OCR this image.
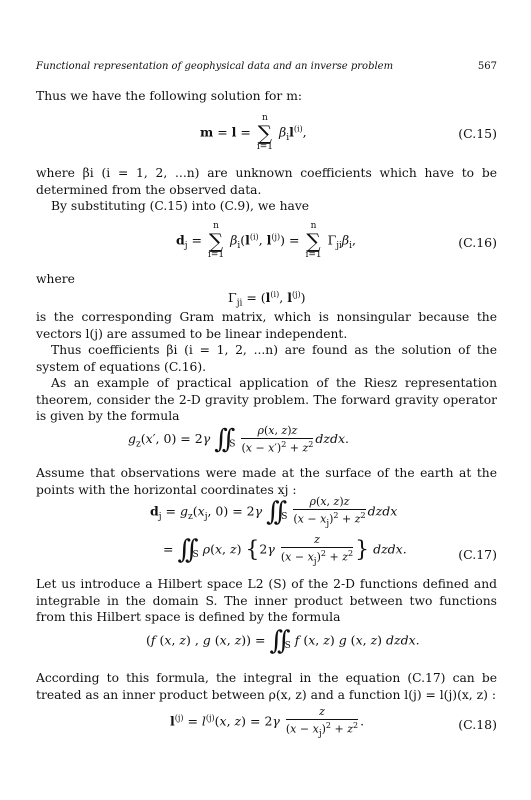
Functional representation of geophysical data and an inverse problem	567
Thus we have the following solution for m:
m = l = n
∑
i=1 $\beta_il^{(i)}$,	(C.15)
where βi (i = 1, 2, ...n) are unknown coefficients which have to be determined from the observed data.
By substituting (C.15) into (C.9), we have
$d_j = n$
∑
i=1 $\beta_i(l^{(i)}$, $l^{(j)}) = n$
∑
i=1 $\Gamma_{ji}\beta_i$,	(C.16)
where
$\Gamma_{ji} = (l^{(i)}$, $l^{(j)}$)
is the corresponding Gram matrix, which is nonsingular because the vectors l(j) are assumed to be linear independent.
Thus coefficients βi (i = 1, 2, ...n) are found as the solution of the system of equations (C.16).
As an example of practical application of the Riesz representation theorem, consider the 2-D gravity problem. The forward gravity operator is given by the formula
$g_z(x'$, 0) = 2γ $\int\int_S \frac{\rho(x, z)z}{(x - x')^2 + z^2}$ dzdx.
Assume that observations were made at the surface of the earth at the points with the horizontal coordinates xj :
$d_j = g_z(x_j$, 0) = 2γ $\int\int_S \frac{\rho(x, z)z}{(x - x_j)^2 + z^2}$ dzdx
= $\int\int_S$ ρ(x, z) {$2\gamma \frac{z}{(x - x_j)^2 + z^2}$ } dzdx.	(C.17)
Let us introduce a Hilbert space L2 (S) of the 2-D functions defined and integrable in the domain S. The inner product between two functions from this Hilbert space is defined by the formula
(f (x, z) , g (x, $z)) = \int\int_S$ f (x, z) g (x, z) dzdx.
According to this formula, the integral in the equation (C.17) can be treated as an inner product between ρ(x, z) and a function l(j) = l(j)(x, z) :
$l^{(j)} = l^{(j)}(x$, $z) = 2\gamma \frac{z}{(x - x_j)^2 + z^2}$ .	(C.18)
